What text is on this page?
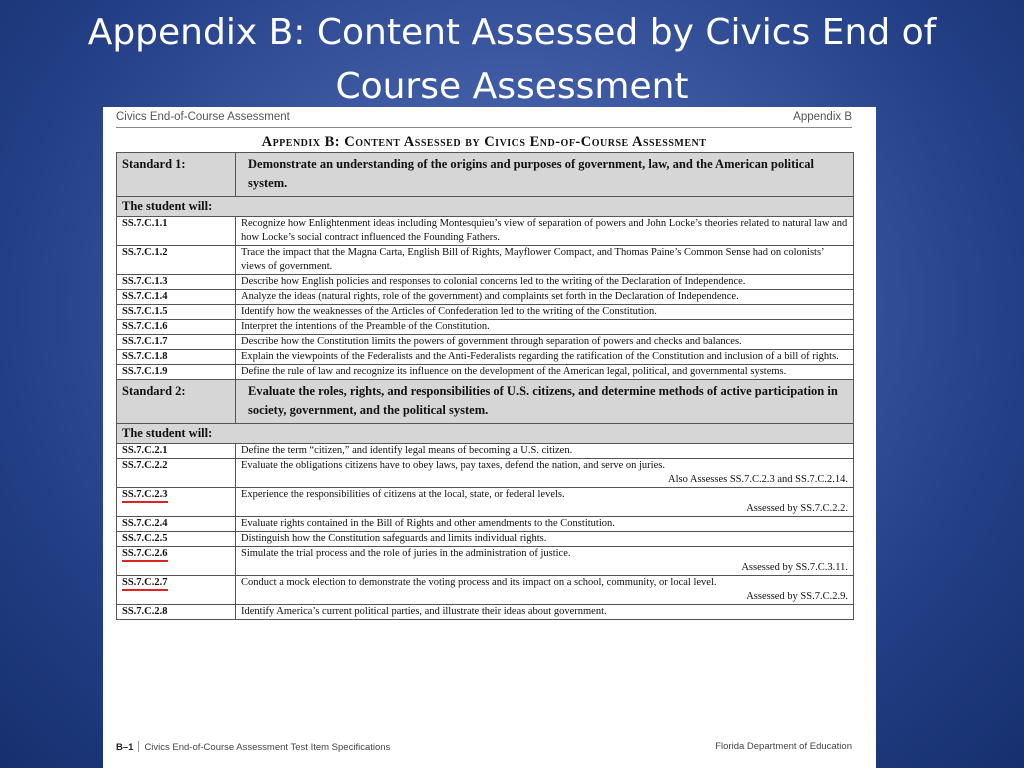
Appendix B: Content Assessed by Civics End of
Course Assessment
Civics End-of-Course Assessment	Appendix B
Appendix B: Content Assessed by Civics End-of-Course Assessment
Standard 1:	Demonstrate an understanding of the origins and purposes of government, law, and the American political system.
The student will:	
SS.7.C.1.1	Recognize how Enlightenment ideas including Montesquieu’s view of separation of powers and John Locke’s theories related to natural law and how Locke’s social contract influenced the Founding Fathers.
SS.7.C.1.2	Trace the impact that the Magna Carta, English Bill of Rights, Mayflower Compact, and Thomas Paine’s Common Sense had on colonists’ views of government.
SS.7.C.1.3	Describe how English policies and responses to colonial concerns led to the writing of the Declaration of Independence.
SS.7.C.1.4	Analyze the ideas (natural rights, role of the government) and complaints set forth in the Declaration of Independence.
SS.7.C.1.5	Identify how the weaknesses of the Articles of Confederation led to the writing of the Constitution.
SS.7.C.1.6	Interpret the intentions of the Preamble of the Constitution.
SS.7.C.1.7	Describe how the Constitution limits the powers of government through separation of powers and checks and balances.
SS.7.C.1.8	Explain the viewpoints of the Federalists and the Anti-Federalists regarding the ratification of the Constitution and inclusion of a bill of rights.
SS.7.C.1.9	Define the rule of law and recognize its influence on the development of the American legal, political, and governmental systems.
Standard 2:	Evaluate the roles, rights, and responsibilities of U.S. citizens, and determine methods of active participation in society, government, and the political system.
The student will:	
SS.7.C.2.1	Define the term “citizen,” and identify legal means of becoming a U.S. citizen.
SS.7.C.2.2	Evaluate the obligations citizens have to obey laws, pay taxes, defend the nation, and serve on juries.
Also Assesses SS.7.C.2.3 and SS.7.C.2.14.

SS.7.C.2.3	Experience the responsibilities of citizens at the local, state, or federal levels.
Assessed by SS.7.C.2.2.

SS.7.C.2.4	Evaluate rights contained in the Bill of Rights and other amendments to the Constitution.
SS.7.C.2.5	Distinguish how the Constitution safeguards and limits individual rights.
SS.7.C.2.6	Simulate the trial process and the role of juries in the administration of justice.
Assessed by SS.7.C.3.11.

SS.7.C.2.7	Conduct a mock election to demonstrate the voting process and its impact on a school, community, or local level.
Assessed by SS.7.C.2.9.

SS.7.C.2.8	Identify America’s current political parties, and illustrate their ideas about government.
B–1 Civics End-of-Course Assessment Test Item Specifications	Florida Department of Education
